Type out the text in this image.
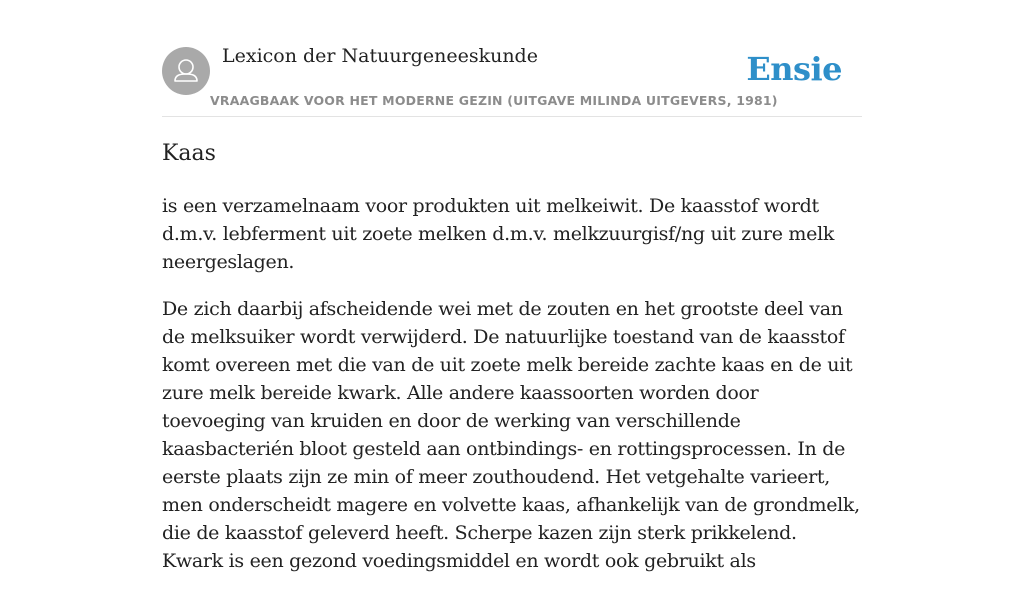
Lexicon der Natuurgeneeskunde
VRAAGBAAK VOOR HET MODERNE GEZIN (UITGAVE MILINDA UITGEVERS, 1981)
Ensie
Kaas

is een verzamelnaam voor produkten uit melkeiwit. De kaasstof wordt d.m.v. lebferment uit zoete melken d.m.v. melkzuurgisf/ng uit zure melk neergeslagen.

De zich daarbij afscheidende wei met de zouten en het grootste deel van de melksuiker wordt verwijderd. De natuurlijke toestand van de kaasstof komt overeen met die van de uit zoete melk bereide zachte kaas en de uit zure melk bereide kwark. Alle andere kaassoorten worden door toevoeging van kruiden en door de werking van verschillende kaasbacterién bloot gesteld aan ontbindings- en rottingsprocessen. In de eerste plaats zijn ze min of meer zouthoudend. Het vetgehalte varieert, men onderscheidt magere en volvette kaas, afhankelijk van de grondmelk, die de kaasstof geleverd heeft. Scherpe kazen zijn sterk prikkelend. Kwark is een gezond voedingsmiddel en wordt ook gebruikt als
